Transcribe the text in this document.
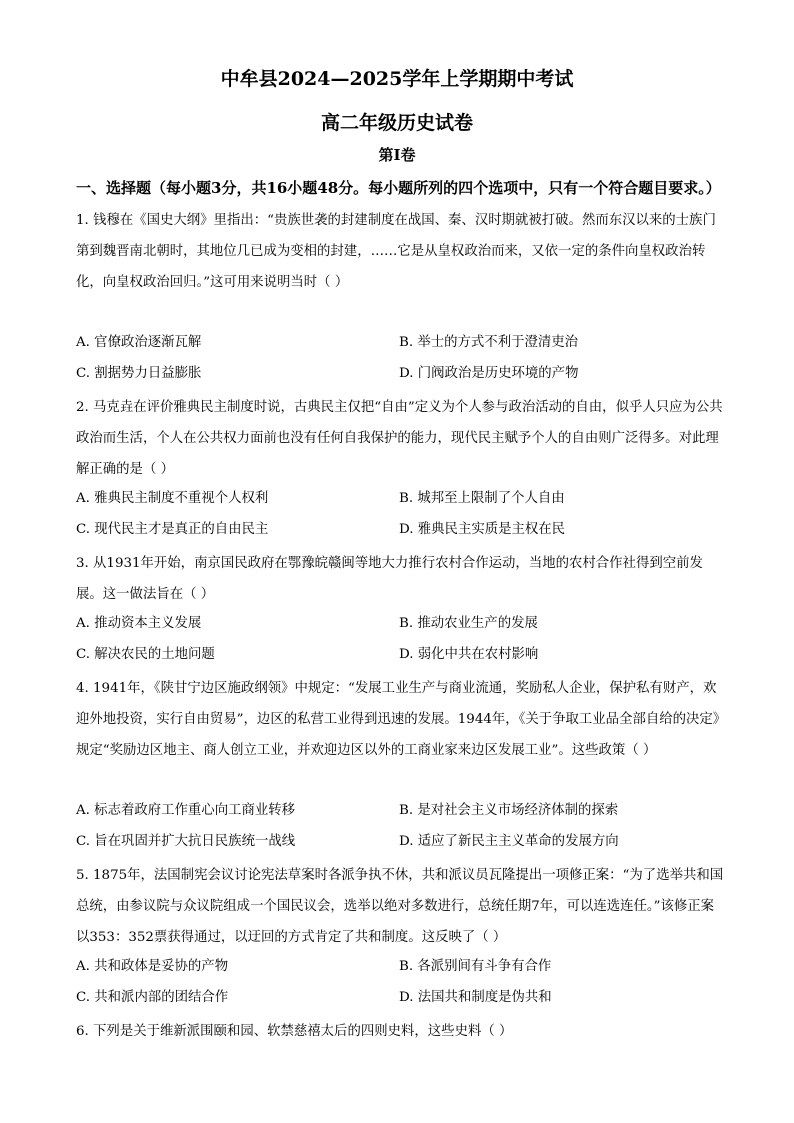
中牟县2024—2025学年上学期期中考试
高二年级历史试卷
第Ⅰ卷
一、选择题（每小题3分，共16小题48分。每小题所列的四个选项中，只有一个符合题目要求。）
1. 钱穆在《国史大纲》里指出：“贵族世袭的封建制度在战国、秦、汉时期就被打破。然而东汉以来的士族门第到魏晋南北朝时，其地位几已成为变相的封建，……它是从皇权政治而来，又依一定的条件向皇权政治转化，向皇权政治回归。”这可用来说明当时（ ）
A. 官僚政治逐渐瓦解	B. 举士的方式不利于澄清吏治
C. 割据势力日益膨胀	D. 门阀政治是历史环境的产物
2. 马克垚在评价雅典民主制度时说，古典民主仅把“自由”定义为个人参与政治活动的自由，似乎人只应为公共政治而生活，个人在公共权力面前也没有任何自我保护的能力，现代民主赋予个人的自由则广泛得多。对此理解正确的是（ ）
A. 雅典民主制度不重视个人权利	B. 城邦至上限制了个人自由
C. 现代民主才是真正的自由民主	D. 雅典民主实质是主权在民
3. 从1931年开始，南京国民政府在鄂豫皖赣闽等地大力推行农村合作运动，当地的农村合作社得到空前发展。这一做法旨在（ ）
A. 推动资本主义发展	B. 推动农业生产的发展
C. 解决农民的土地问题	D. 弱化中共在农村影响
4. 1941年，《陕甘宁边区施政纲领》中规定：“发展工业生产与商业流通，奖励私人企业，保护私有财产，欢迎外地投资，实行自由贸易”，边区的私营工业得到迅速的发展。1944年，《关于争取工业品全部自给的决定》规定“奖励边区地主、商人创立工业，并欢迎边区以外的工商业家来边区发展工业”。这些政策（ ）
A. 标志着政府工作重心向工商业转移	B. 是对社会主义市场经济体制的探索
C. 旨在巩固并扩大抗日民族统一战线	D. 适应了新民主主义革命的发展方向
5. 1875年，法国制宪会议讨论宪法草案时各派争执不休，共和派议员瓦隆提出一项修正案：“为了选举共和国总统，由参议院与众议院组成一个国民议会，选举以绝对多数进行，总统任期7年，可以连选连任。”该修正案以353：352票获得通过，以迂回的方式肯定了共和制度。这反映了（ ）
A. 共和政体是妥协的产物	B. 各派别间有斗争有合作
C. 共和派内部的团结合作	D. 法国共和制度是伪共和
6. 下列是关于维新派围颐和园、软禁慈禧太后的四则史料，这些史料（ ）
